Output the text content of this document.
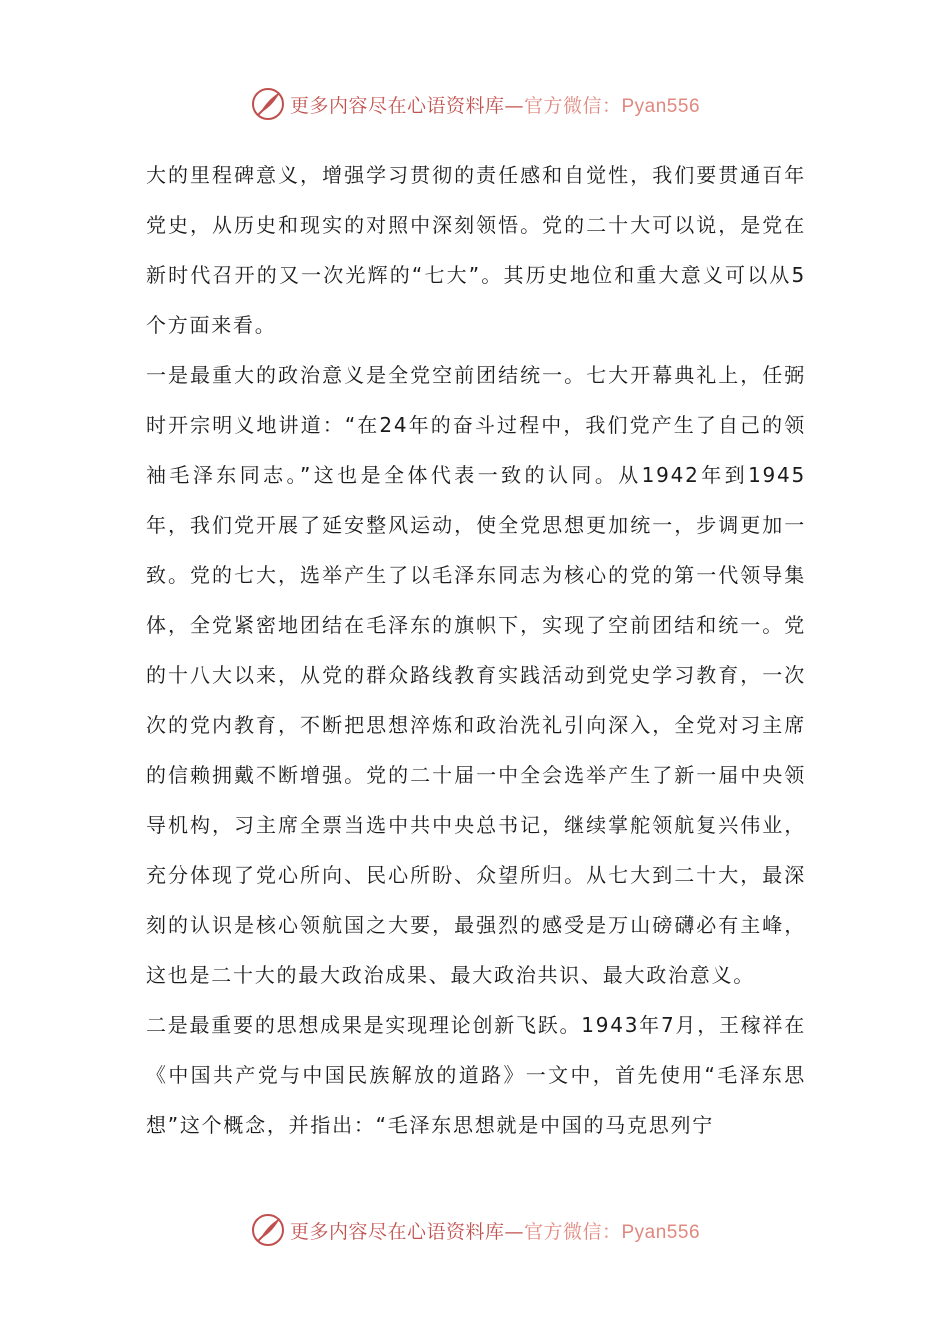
更多内容尽在心语资料库—官方微信：Pyan556

大的里程碑意义，增强学习贯彻的责任感和自觉性，我们要贯通百年党史，从历史和现实的对照中深刻领悟。党的二十大可以说，是党在新时代召开的又一次光辉的“七大”。其历史地位和重大意义可以从5个方面来看。

一是最重大的政治意义是全党空前团结统一。七大开幕典礼上，任弼时开宗明义地讲道：“在24年的奋斗过程中，我们党产生了自己的领袖毛泽东同志。”这也是全体代表一致的认同。从1942年到1945年，我们党开展了延安整风运动，使全党思想更加统一，步调更加一致。党的七大，选举产生了以毛泽东同志为核心的党的第一代领导集体，全党紧密地团结在毛泽东的旗帜下，实现了空前团结和统一。党的十八大以来，从党的群众路线教育实践活动到党史学习教育，一次次的党内教育，不断把思想淬炼和政治洗礼引向深入，全党对习主席的信赖拥戴不断增强。党的二十届一中全会选举产生了新一届中央领导机构，习主席全票当选中共中央总书记，继续掌舵领航复兴伟业，充分体现了党心所向、民心所盼、众望所归。从七大到二十大，最深刻的认识是核心领航国之大要，最强烈的感受是万山磅礴必有主峰，这也是二十大的最大政治成果、最大政治共识、最大政治意义。

二是最重要的思想成果是实现理论创新飞跃。1943年7月，王稼祥在《中国共产党与中国民族解放的道路》一文中，首先使用“毛泽东思想”这个概念，并指出：“毛泽东思想就是中国的马克思列宁

更多内容尽在心语资料库—官方微信：Pyan556
